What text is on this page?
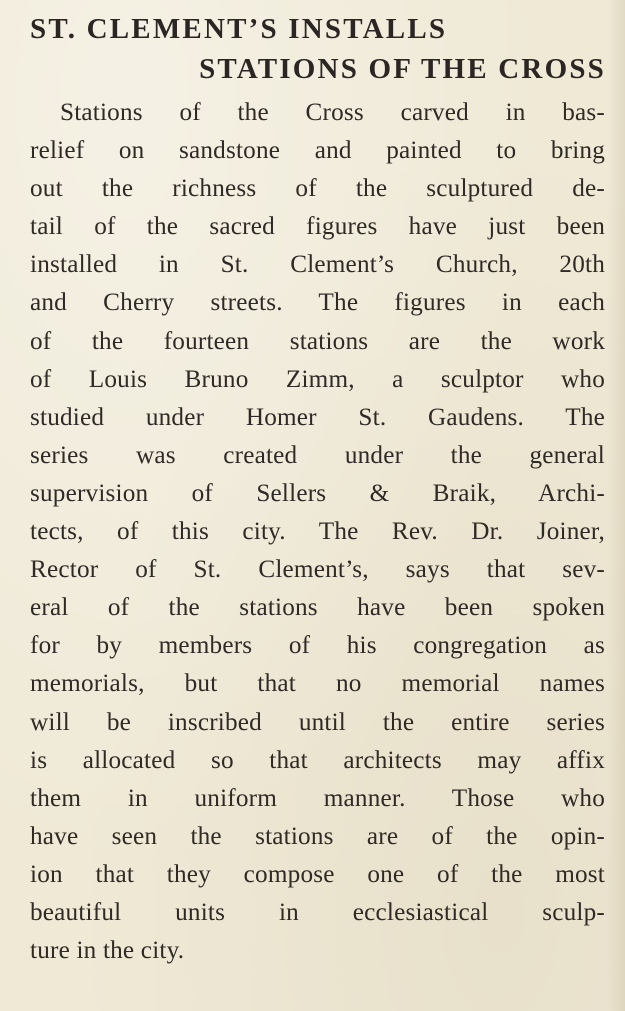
ST. CLEMENT’S INSTALLS
STATIONS OF THE CROSS
Stations of the Cross carved in bas-
relief on sandstone and painted to bring
out the richness of the sculptured de-
tail of the sacred figures have just been
installed in St. Clement’s Church, 20th
and Cherry streets. The figures in each
of the fourteen stations are the work
of Louis Bruno Zimm, a sculptor who
studied under Homer St. Gaudens. The
series was created under the general
supervision of Sellers & Braik, Archi-
tects, of this city. The Rev. Dr. Joiner,
Rector of St. Clement’s, says that sev-
eral of the stations have been spoken
for by members of his congregation as
memorials, but that no memorial names
will be inscribed until the entire series
is allocated so that architects may affix
them in uniform manner. Those who
have seen the stations are of the opin-
ion that they compose one of the most
beautiful units in ecclesiastical sculp-
ture in the city.
